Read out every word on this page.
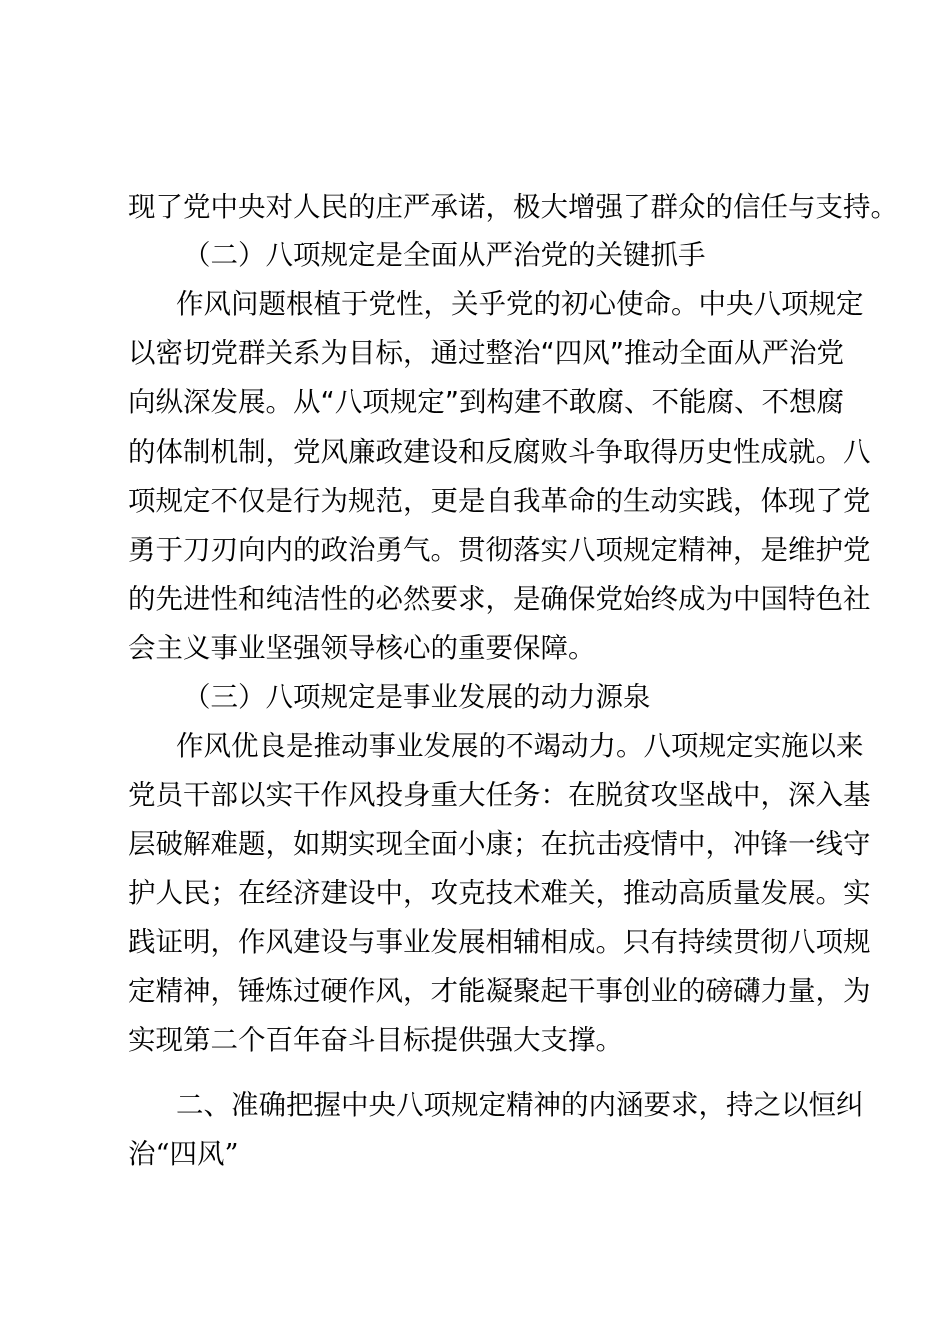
现了党中央对人民的庄严承诺，极大增强了群众的信任与支持。
（二）八项规定是全面从严治党的关键抓手
作风问题根植于党性，关乎党的初心使命。中央八项规定
以密切党群关系为目标，通过整治“四风”推动全面从严治党
向纵深发展。从“八项规定”到构建不敢腐、不能腐、不想腐
的体制机制，党风廉政建设和反腐败斗争取得历史性成就。八
项规定不仅是行为规范，更是自我革命的生动实践，体现了党
勇于刀刃向内的政治勇气。贯彻落实八项规定精神，是维护党
的先进性和纯洁性的必然要求，是确保党始终成为中国特色社
会主义事业坚强领导核心的重要保障。
（三）八项规定是事业发展的动力源泉
作风优良是推动事业发展的不竭动力。八项规定实施以来
党员干部以实干作风投身重大任务：在脱贫攻坚战中，深入基
层破解难题，如期实现全面小康；在抗击疫情中，冲锋一线守
护人民；在经济建设中，攻克技术难关，推动高质量发展。实
践证明，作风建设与事业发展相辅相成。只有持续贯彻八项规
定精神，锤炼过硬作风，才能凝聚起干事创业的磅礴力量，为
实现第二个百年奋斗目标提供强大支撑。
二、准确把握中央八项规定精神的内涵要求，持之以恒纠
治“四风”
